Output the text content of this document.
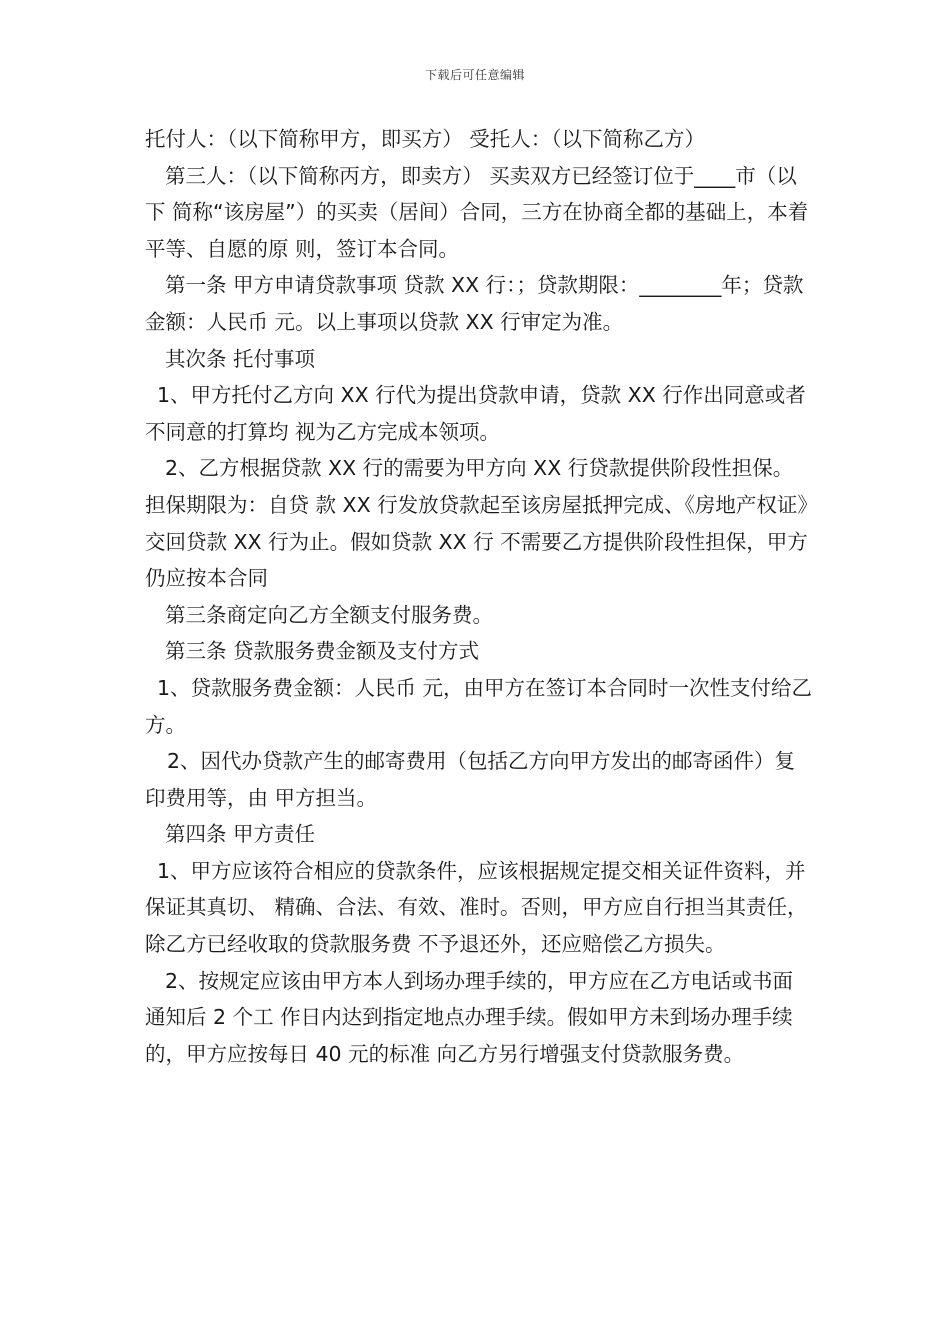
下载后可任意编辑

托付人：（以下简称甲方，即买方） 受托人：（以下简称乙方）

第三人：（以下简称丙方，即卖方） 买卖双方已经签订位于____市（以下 简称“该房屋”）的买卖（居间）合同，三方在协商全都的基础上，本着平等、自愿的原 则，签订本合同。

第一条 甲方申请贷款事项 贷款 XX 行：；贷款期限：________年；贷款金额：人民币 元。以上事项以贷款 XX 行审定为准。

其次条 托付事项

1、甲方托付乙方向 XX 行代为提出贷款申请，贷款 XX 行作出同意或者不同意的打算均 视为乙方完成本领项。

2、乙方根据贷款 XX 行的需要为甲方向 XX 行贷款提供阶段性担保。担保期限为：自贷 款 XX 行发放贷款起至该房屋抵押完成、《房地产权证》交回贷款 XX 行为止。假如贷款 XX 行 不需要乙方提供阶段性担保，甲方仍应按本合同

第三条商定向乙方全额支付服务费。

第三条 贷款服务费金额及支付方式

1、贷款服务费金额：人民币 元，由甲方在签订本合同时一次性支付给乙方。

2、因代办贷款产生的邮寄费用（包括乙方向甲方发出的邮寄函件）复印费用等，由 甲方担当。

第四条 甲方责任

1、甲方应该符合相应的贷款条件，应该根据规定提交相关证件资料，并保证其真切、 精确、合法、有效、准时。否则，甲方应自行担当其责任，除乙方已经收取的贷款服务费 不予退还外，还应赔偿乙方损失。

2、按规定应该由甲方本人到场办理手续的，甲方应在乙方电话或书面通知后 2 个工 作日内达到指定地点办理手续。假如甲方未到场办理手续的，甲方应按每日 40 元的标准 向乙方另行增强支付贷款服务费。
